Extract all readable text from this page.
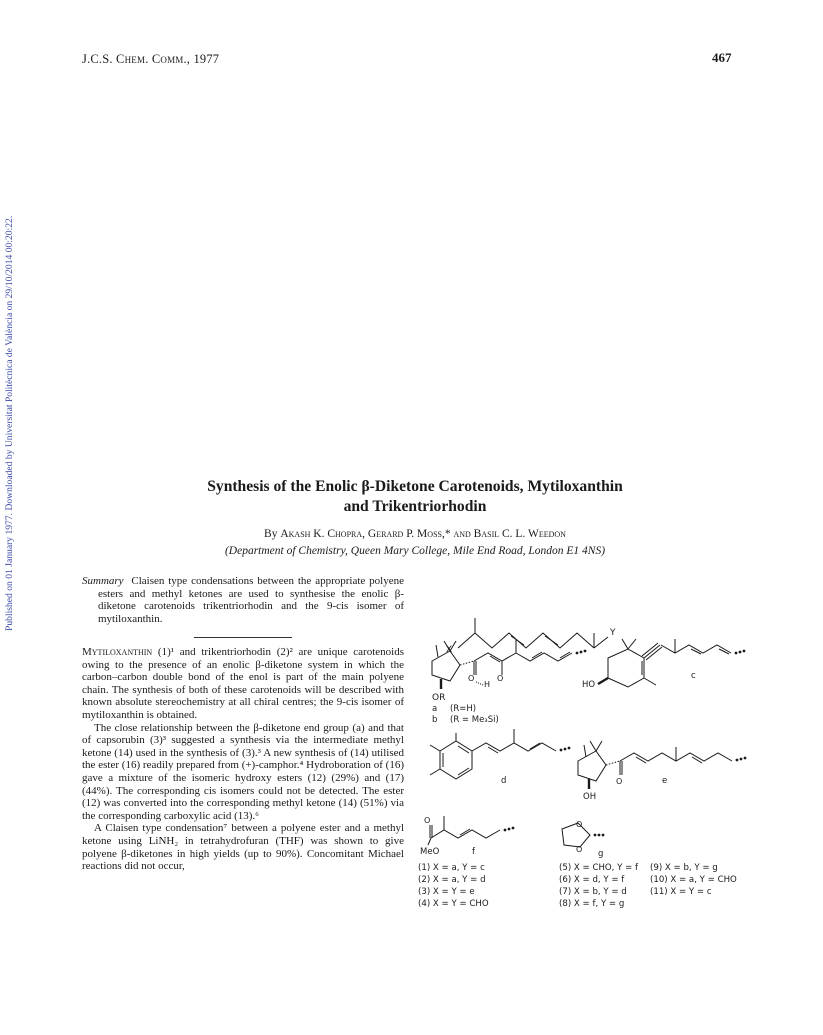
J.C.S. Chem. Comm., 1977	467
Published on 01 January 1977. Downloaded by Universitat Politècnica de València on 29/10/2014 00:20:22.	Synthesis of the Enolic β-Diketone Carotenoids, Mytiloxanthin
and Trikentriorhodin
By Akash K. Chopra, Gerard P. Moss,* and Basil C. L. Weedon
(Department of Chemistry, Queen Mary College, Mile End Road, London E1 4NS)

Summary Claisen type condensations between the appropriate polyene esters and methyl ketones are used to synthesise the enolic β-diketone carotenoids trikentriorhodin and the 9-cis isomer of mytiloxanthin.

Mytiloxanthin (1)¹ and trikentriorhodin (2)² are unique carotenoids owing to the presence of an enolic β-diketone system in which the carbon–carbon double bond of the enol is part of the main polyene chain. The synthesis of both of these carotenoids will be described with known absolute stereochemistry at all chiral centres; the 9-cis isomer of mytiloxanthin is obtained.

The close relationship between the β-diketone end group (a) and that of capsorubin (3)³ suggested a synthesis via the intermediate methyl ketone (14) used in the synthesis of (3).³ A new synthesis of (14) utilised the ester (16) readily prepared from (+)-camphor.⁴ Hydroboration of (16) gave a mixture of the isomeric hydroxy esters (12) (29%) and (17) (44%). The corresponding cis isomers could not be detected. The ester (12) was converted into the corresponding methyl ketone (14) (51%) via the corresponding carboxylic acid (13).⁶

A Claisen type condensation⁷ between a polyene ester and a methyl ketone using LiNH₂ in tetrahydrofuran (THF) was shown to give polyene β-diketones in high yields (up to 90%). Concomitant Michael reactions did not occur,

X
Y
OR
O	O
H
a (R=H)
b (R = Me₃Si)
HO
c
d
OH
O	e
O
MeO	f
O
O g
(1) X = a, Y = c
(2) X = a, Y = d
(3) X = Y = e
(4) X = Y = CHO
(5) X = CHO, Y = f
(6) X = d, Y = f
(7) X = b, Y = d
(8) X = f, Y = g
(9) X = b, Y = g
(10) X = a, Y = CHO
(11) X = Y = c
